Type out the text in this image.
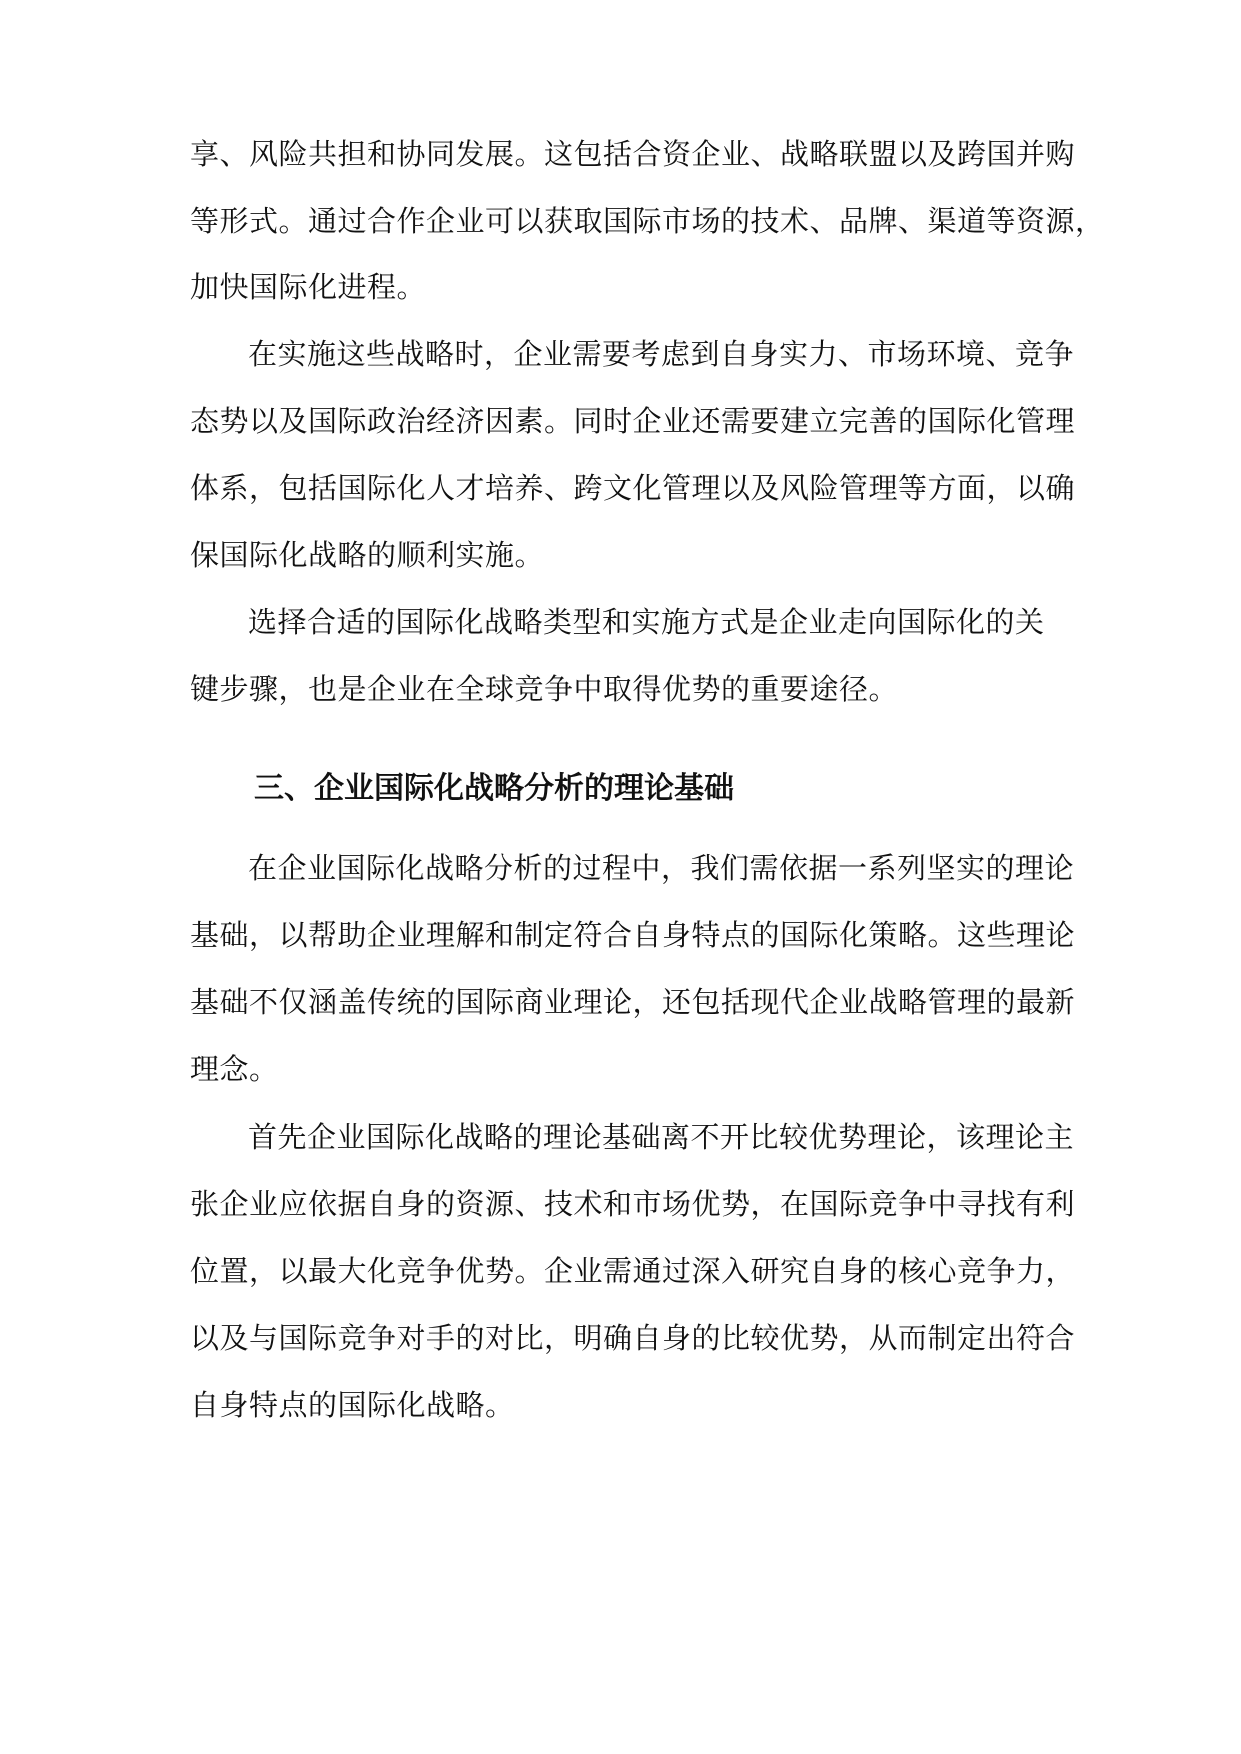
享、风险共担和协同发展。这包括合资企业、战略联盟以及跨国并购

等形式。通过合作企业可以获取国际市场的技术、品牌、渠道等资源，

加快国际化进程。

在实施这些战略时，企业需要考虑到自身实力、市场环境、竞争

态势以及国际政治经济因素。同时企业还需要建立完善的国际化管理

体系，包括国际化人才培养、跨文化管理以及风险管理等方面，以确

保国际化战略的顺利实施。

选择合适的国际化战略类型和实施方式是企业走向国际化的关

键步骤，也是企业在全球竞争中取得优势的重要途径。

三、企业国际化战略分析的理论基础

在企业国际化战略分析的过程中，我们需依据一系列坚实的理论

基础，以帮助企业理解和制定符合自身特点的国际化策略。这些理论

基础不仅涵盖传统的国际商业理论，还包括现代企业战略管理的最新

理念。

首先企业国际化战略的理论基础离不开比较优势理论，该理论主

张企业应依据自身的资源、技术和市场优势，在国际竞争中寻找有利

位置，以最大化竞争优势。企业需通过深入研究自身的核心竞争力，

以及与国际竞争对手的对比，明确自身的比较优势，从而制定出符合

自身特点的国际化战略。
